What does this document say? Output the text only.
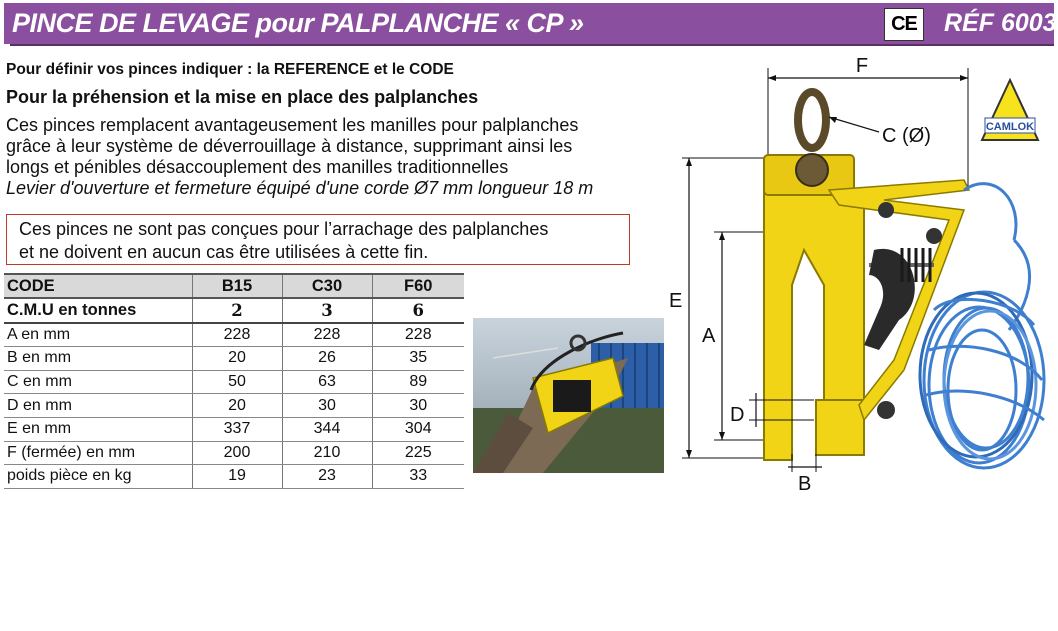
PINCE DE LEVAGE pour PALPLANCHE « CP »	CE RÉF 6003
Pour définir vos pinces indiquer : la REFERENCE et le CODE
Pour la préhension et la mise en place des palplanches
Ces pinces remplacent avantageusement les manilles pour palplanches
grâce à leur système de déverrouillage à distance, supprimant ainsi les
longs et pénibles désaccouplement des manilles traditionnelles
Levier d'ouverture et fermeture équipé d'une corde Ø7 mm longueur 18 m
Ces pinces ne sont pas conçues pour l’arrachage des palplanches
et ne doivent en aucun cas être utilisées à cette fin.
CODE	B15	C30	F60
C.M.U en tonnes	2	3	6
A en mm	228	228	228
B en mm	20	26	35
C en mm	50	63	89
D en mm	20	30	30
E en mm	337	344	304
F (fermée) en mm	200	210	225
poids pièce en kg	19	23	33
CAMLOK
F
E
A
C (Ø)
D
B
